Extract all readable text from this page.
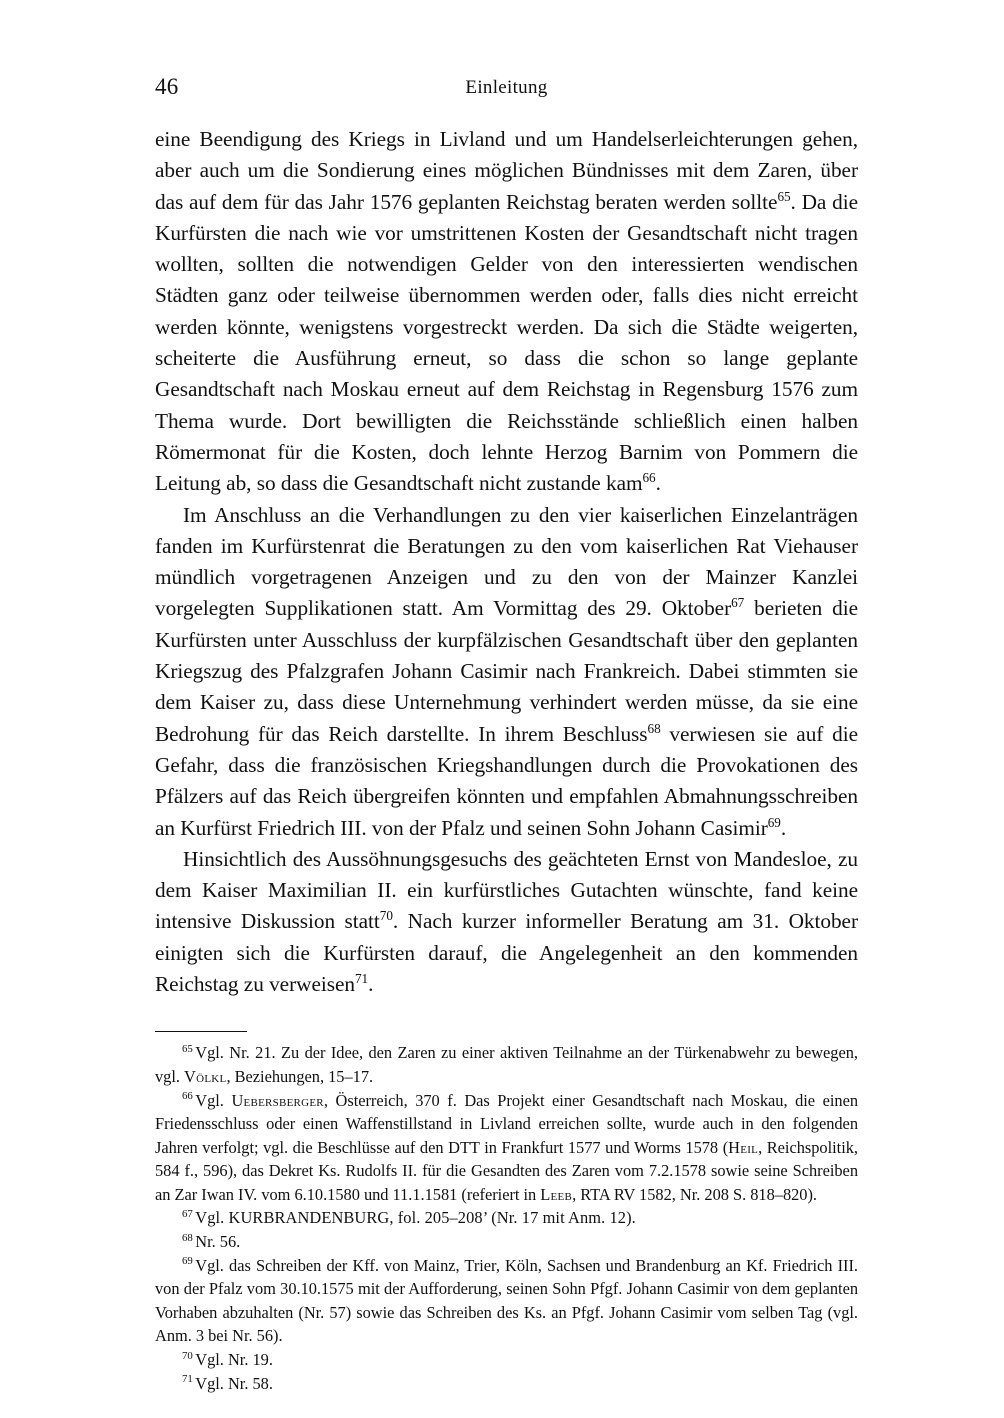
46	Einleitung

eine Beendigung des Kriegs in Livland und um Handelserleichterungen gehen, aber auch um die Sondierung eines möglichen Bündnisses mit dem Zaren, über das auf dem für das Jahr 1576 geplanten Reichstag beraten werden sollte$^{65}$. Da die Kurfürsten die nach wie vor umstrittenen Kosten der Gesandtschaft nicht tragen wollten, sollten die notwendigen Gelder von den interessierten wendischen Städten ganz oder teilweise übernommen werden oder, falls dies nicht erreicht werden könnte, wenigstens vorgestreckt werden. Da sich die Städte weigerten, scheiterte die Ausführung erneut, so dass die schon so lange geplante Gesandtschaft nach Moskau erneut auf dem Reichstag in Regensburg 1576 zum Thema wurde. Dort bewilligten die Reichsstände schließlich einen halben Römermonat für die Kosten, doch lehnte Herzog Barnim von Pommern die Leitung ab, so dass die Gesandtschaft nicht zustande kam$^{66}$.

Im Anschluss an die Verhandlungen zu den vier kaiserlichen Einzelanträgen fanden im Kurfürstenrat die Beratungen zu den vom kaiserlichen Rat Viehauser mündlich vorgetragenen Anzeigen und zu den von der Mainzer Kanzlei vorgelegten Supplikationen statt. Am Vormittag des 29. Oktober$^{67}$ berieten die Kurfürsten unter Ausschluss der kurpfälzischen Gesandtschaft über den geplanten Kriegszug des Pfalzgrafen Johann Casimir nach Frankreich. Dabei stimmten sie dem Kaiser zu, dass diese Unternehmung verhindert werden müsse, da sie eine Bedrohung für das Reich darstellte. In ihrem Beschluss$^{68}$ verwiesen sie auf die Gefahr, dass die französischen Kriegshandlungen durch die Provokationen des Pfälzers auf das Reich übergreifen könnten und empfahlen Abmahnungsschreiben an Kurfürst Friedrich III. von der Pfalz und seinen Sohn Johann Casimir$^{69}$.

Hinsichtlich des Aussöhnungsgesuchs des geächteten Ernst von Mandesloe, zu dem Kaiser Maximilian II. ein kurfürstliches Gutachten wünschte, fand keine intensive Diskussion statt$^{70}$. Nach kurzer informeller Beratung am 31. Oktober einigten sich die Kurfürsten darauf, die Angelegenheit an den kommenden Reichstag zu verweisen$^{71}$.

$^{65}$ Vgl. Nr. 21. Zu der Idee, den Zaren zu einer aktiven Teilnahme an der Türkenabwehr zu bewegen, vgl. Völkl, Beziehungen, 15–17.

$^{66}$ Vgl. Uebersberger, Österreich, 370 f. Das Projekt einer Gesandtschaft nach Moskau, die einen Friedensschluss oder einen Waffenstillstand in Livland erreichen sollte, wurde auch in den folgenden Jahren verfolgt; vgl. die Beschlüsse auf den DTT in Frankfurt 1577 und Worms 1578 (Heil, Reichspolitik, 584 f., 596), das Dekret Ks. Rudolfs II. für die Gesandten des Zaren vom 7.2.1578 sowie seine Schreiben an Zar Iwan IV. vom 6.10.1580 und 11.1.1581 (referiert in Leeb, RTA RV 1582, Nr. 208 S. 818–820).

$^{67}$ Vgl. KURBRANDENBURG, fol. 205–208’ (Nr. 17 mit Anm. 12).

$^{68}$ Nr. 56.

$^{69}$ Vgl. das Schreiben der Kff. von Mainz, Trier, Köln, Sachsen und Brandenburg an Kf. Friedrich III. von der Pfalz vom 30.10.1575 mit der Aufforderung, seinen Sohn Pfgf. Johann Casimir von dem geplanten Vorhaben abzuhalten (Nr. 57) sowie das Schreiben des Ks. an Pfgf. Johann Casimir vom selben Tag (vgl. Anm. 3 bei Nr. 56).

$^{70}$ Vgl. Nr. 19.

$^{71}$ Vgl. Nr. 58.
